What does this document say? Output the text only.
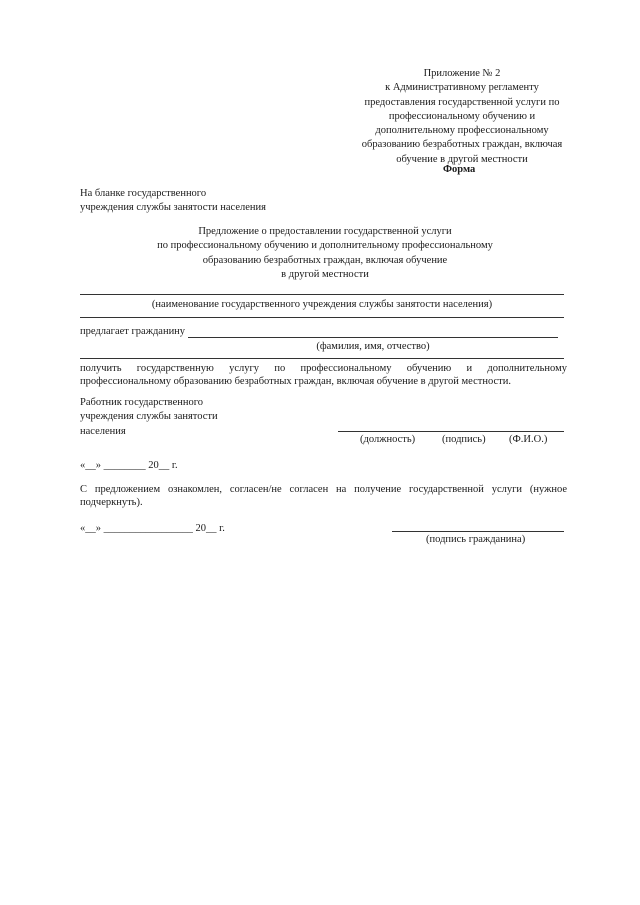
Приложение № 2
к Административному регламенту
предоставления государственной услуги по
профессиональному обучению и
дополнительному профессиональному
образованию безработных граждан, включая
обучение в другой местности
Форма
На бланке государственного
учреждения службы занятости населения
Предложение о предоставлении государственной услуги
по профессиональному обучению и дополнительному профессиональному
образованию безработных граждан, включая обучение
в другой местности
(наименование государственного учреждения службы занятости населения)
предлагает гражданину
(фамилия, имя, отчество)
получить государственную услугу по профессиональному обучению и дополнительному
профессиональному образованию безработных граждан, включая обучение в другой местности.
Работник государственного
учреждения службы занятости
населения
(должность)	(подпись) (Ф.И.О.)
«__» ________ 20__ г.
С предложением ознакомлен, согласен/не согласен на получение государственной услуги (нужное
подчеркнуть).
«__» _________________ 20__ г.
(подпись гражданина)
